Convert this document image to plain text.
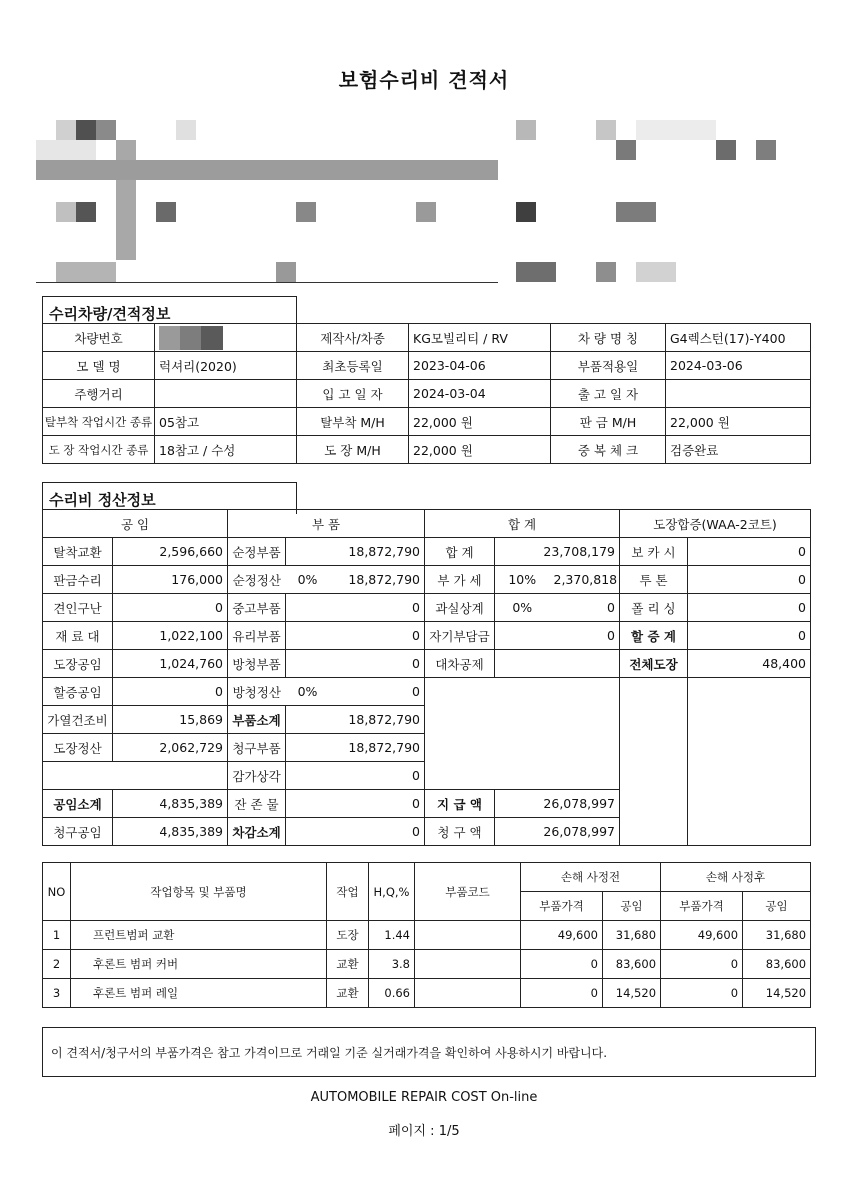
보험수리비 견적서
수리차량/견적정보
차량번호		제작사/차종	KG모빌리티 / RV	차 량 명 칭	G4렉스턴(17)-Y400
모 델 명	럭셔리(2020)	최초등록일	2023-04-06	부품적용일	2024-03-06
주행거리		입 고 일 자	2024-03-04	출 고 일 자	
탈부착 작업시간 종류	05참고	탈부착 M/H	22,000 원	판 금 M/H	22,000 원
도 장 작업시간 종류	18참고 / 수성	도 장 M/H	22,000 원	중 복 체 크	검증완료
수리비 정산정보
공 임		부 품			합 계			도장합증(WAA-2코트)	
탈착교환	2,596,660	순정부품	18,872,790		합 계	23,708,179		보 카 시	0
판금수리	176,000	순정정산	0%	18,872,790	부 가 세	10%	2,370,818	투 톤	0
견인구난	0	중고부품	0		과실상계	0%	0	폴 리 싱	0
재 료 대	1,022,100	유리부품	0		자기부담금	0		할 증 계	0
도장공임	1,024,760	방청부품	0		대차공제			전체도장	48,400
할증공임	0	방청정산	0%	0					
가열건조비	15,869	부품소계	18,872,790						
도장정산	2,062,729	청구부품	18,872,790						
		감가상각	0						
공임소계	4,835,389	잔 존 물	0		지 급 액	26,078,997			
청구공임	4,835,389	차감소계	0		청 구 액	26,078,997			
NO	작업항목 및 부품명	작업	H,Q,%	부품코드	손해 사정전		손해 사정후	
					부품가격	공임	부품가격	공임
1	프런트범퍼 교환	도장	1.44		49,600	31,680	49,600	31,680
2	후론트 범퍼 커버	교환	3.8		0	83,600	0	83,600
3	후론트 범퍼 레일	교환	0.66		0	14,520	0	14,520
이 견적서/청구서의 부품가격은 참고 가격이므로 거래일 기준 실거래가격을 확인하여 사용하시기 바랍니다.
AUTOMOBILE REPAIR COST On-line
페이지 : 1/5
